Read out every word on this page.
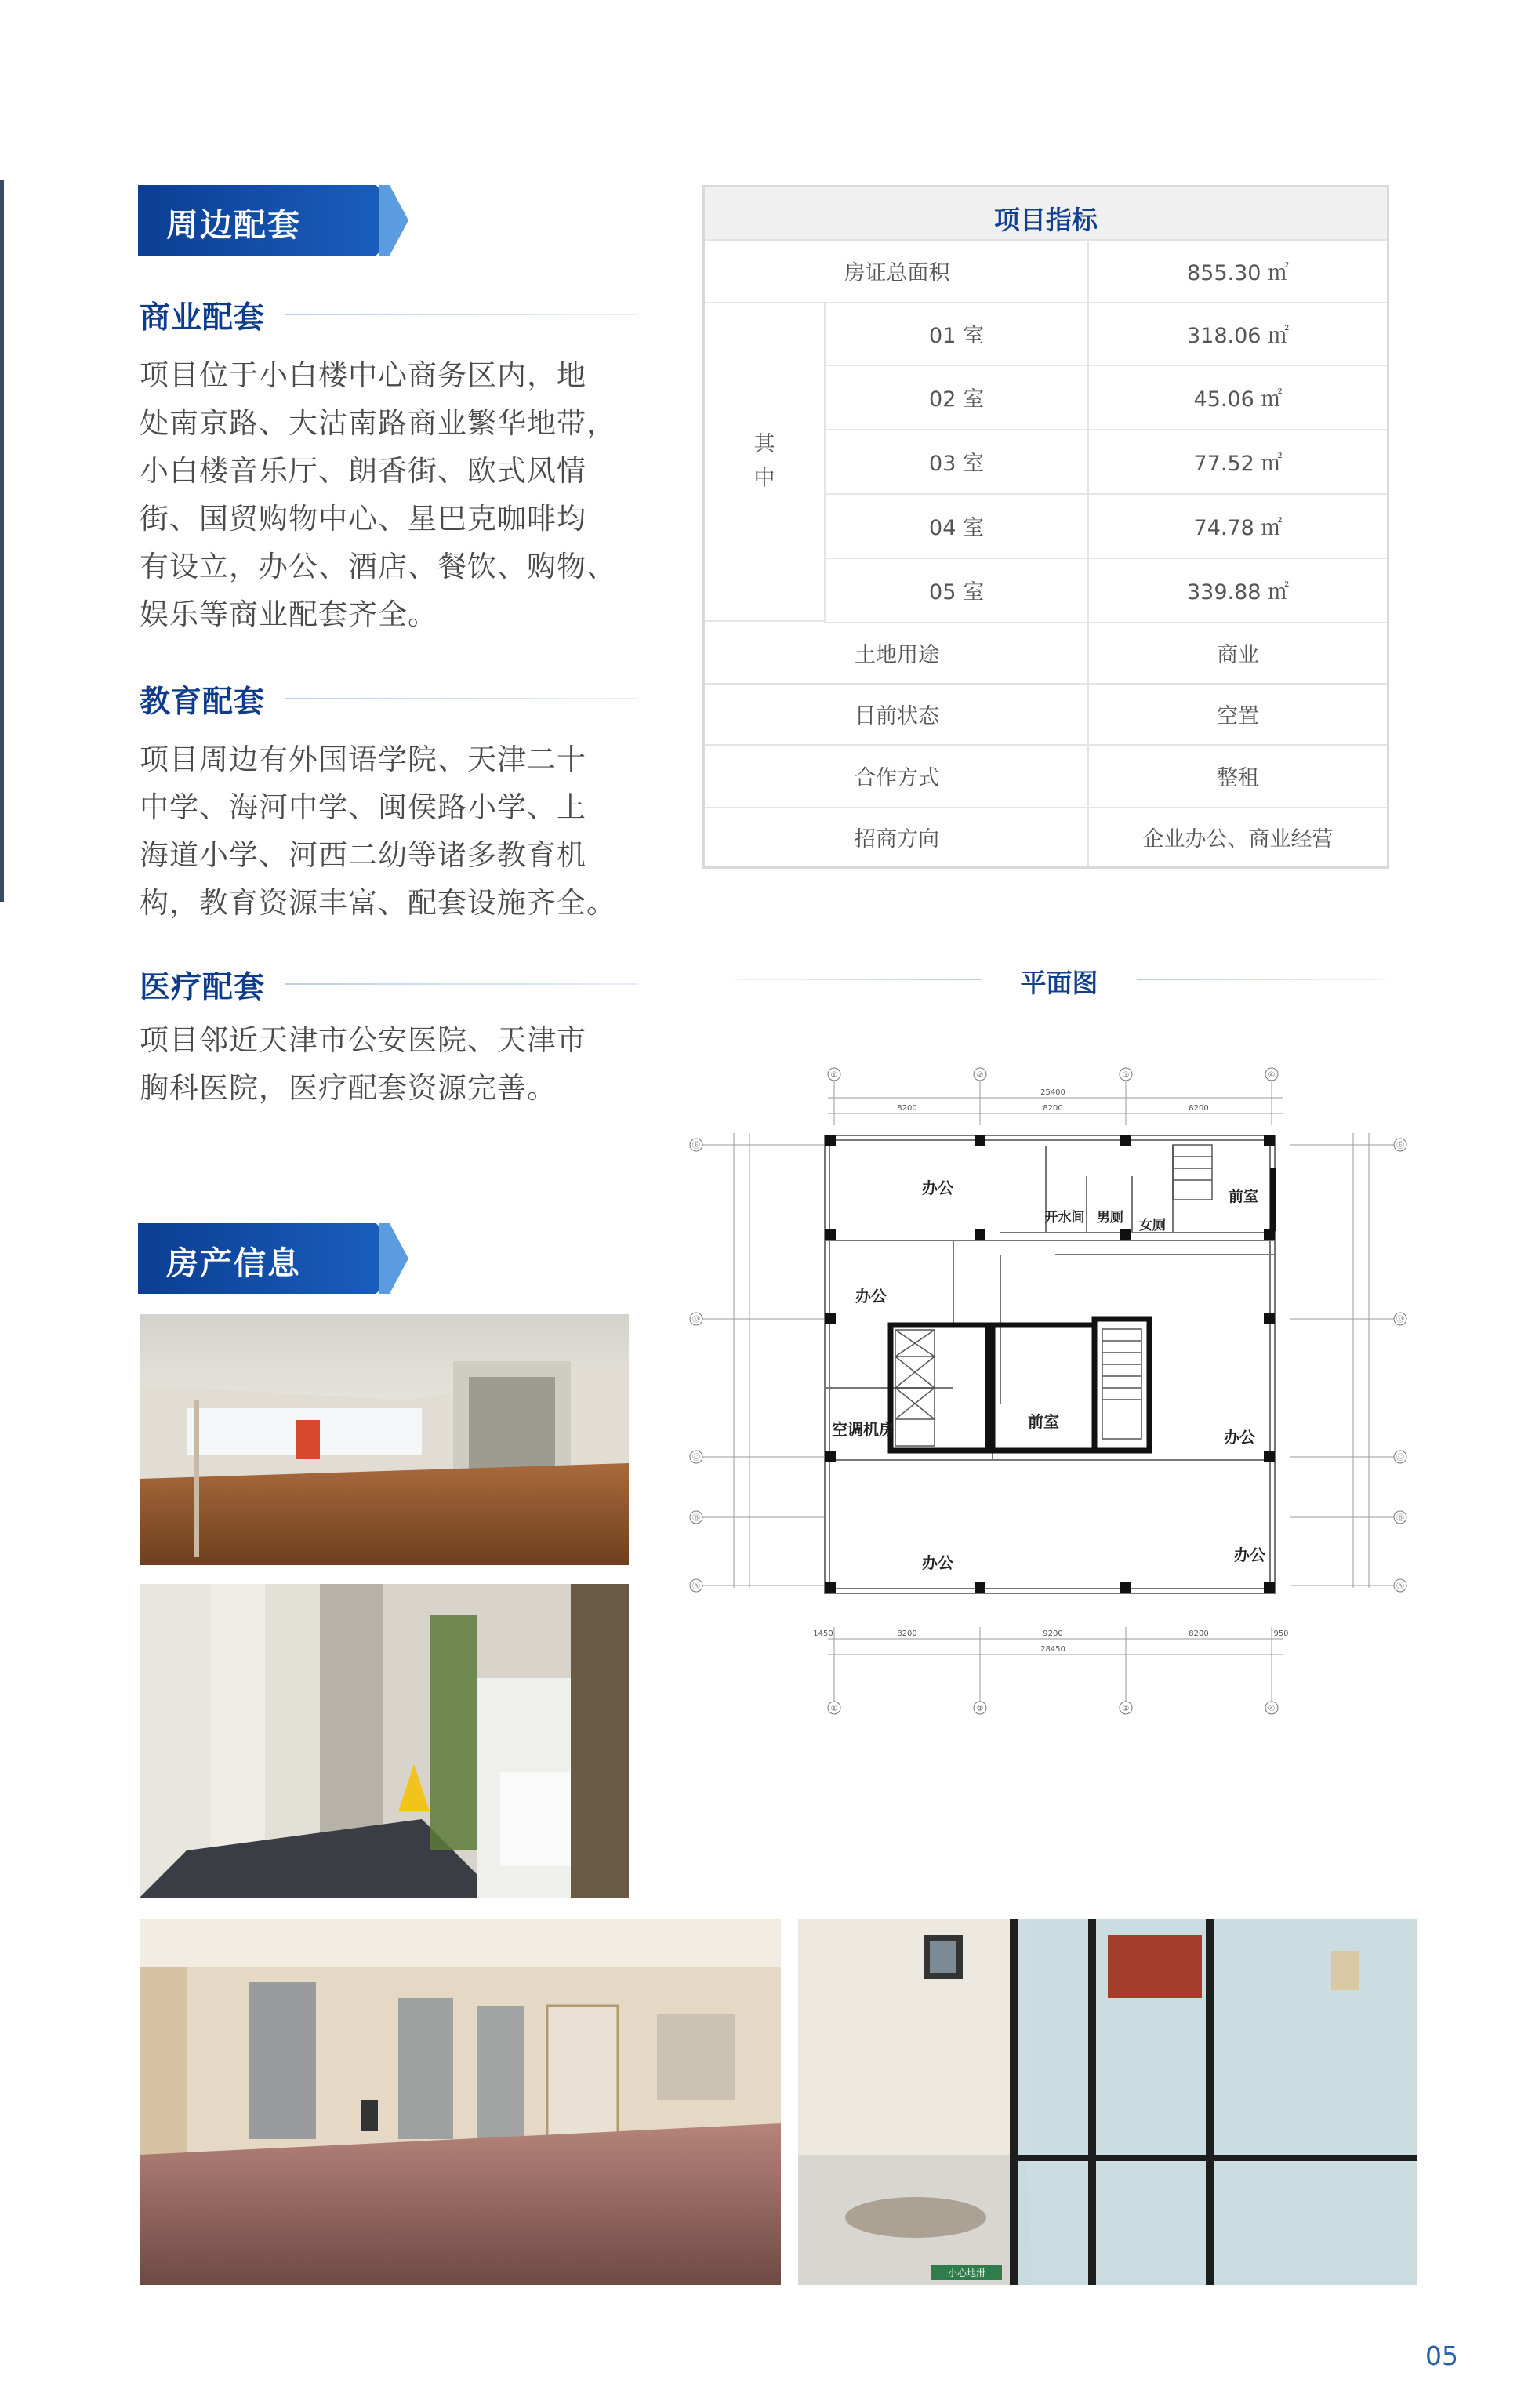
周边配套
商业配套
项目位于小白楼中心商务区内，地
处南京路、大沽南路商业繁华地带，
小白楼音乐厅、朗香街、欧式风情
街、国贸购物中心、星巴克咖啡均
有设立，办公、酒店、餐饮、购物、
娱乐等商业配套齐全。
教育配套
项目周边有外国语学院、天津二十
中学、海河中学、闽侯路小学、上
海道小学、河西二幼等诸多教育机
构，教育资源丰富、配套设施齐全。
医疗配套
项目邻近天津市公安医院、天津市
胸科医院，医疗配套资源完善。
房产信息
项目指标
房证总面积	855.30 ㎡
其
中
01 室	318.06 ㎡
02 室	45.06 ㎡
03 室	77.52 ㎡
04 室	74.78 ㎡
05 室	339.88 ㎡
土地用途	商业
目前状态	空置
合作方式	整租
招商方向	企业办公、商业经营
平面图
办公
开水间 男厕 女厕
前室
办公
空调机房	前室
办公
办公	办公
①	②	③	④
①	②	③	④
Ⓔ
Ⓓ
Ⓒ
Ⓑ
Ⓐ
Ⓔ
Ⓓ
Ⓒ
Ⓑ
Ⓐ
25400
8200	8200	8200
1450	8200	9200	8200	950
28450
小心地滑
05
